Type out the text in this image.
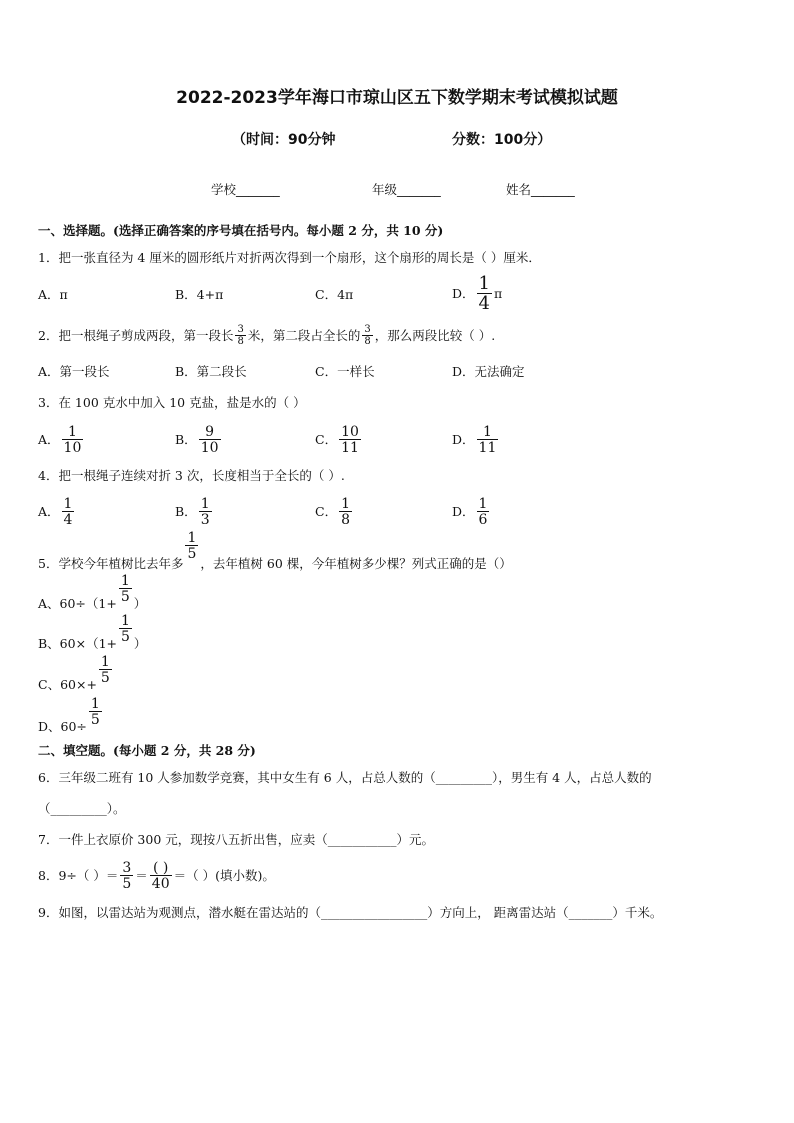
2022-2023学年海口市琼山区五下数学期末考试模拟试题
（时间：90分钟	分数：100分）
学校_______	年级_______	姓名_______
一、选择题。(选择正确答案的序号填在括号内。每小题 2 分，共 10 分)
1．把一张直径为 4 厘米的圆形纸片对折两次得到一个扇形，这个扇形的周长是（ ）厘米．
A．π	B．4+π	C．4π	D． $\frac{1}{4}$ π
2．把一根绳子剪成两段，第一段长 $\frac{3}{8}$ 米，第二段占全长的 $\frac{3}{8}$ ，那么两段比较（ ）.
A．第一段长	B．第二段长	C．一样长	D．无法确定
3．在 100 克水中加入 10 克盐，盐是水的（ ）
A． $\frac{1}{10}$	B． $\frac{9}{10}$	C． $\frac{10}{11}$	D． $\frac{1}{11}$
4．把一根绳子连续对折 3 次，长度相当于全长的（ ）.
A． $\frac{1}{4}$	B． $\frac{1}{3}$	C． $\frac{1}{8}$	D． $\frac{1}{6}$
5．学校今年植树比去年多
$\frac{1}{5}$
，去年植树 60 棵，今年植树多少棵？列式正确的是（）
A、$60\div(1+ \frac{1}{5}$ ）
B、$60\times(1+ \frac{1}{5}$ ）
C、$60\times+ \frac{1}{5}$
D、$60\div \frac{1}{5}$
二、填空题。(每小题 2 分，共 28 分)
6．三年级二班有 10 人参加数学竞赛，其中女生有 6 人，占总人数的（_________），男生有 4 人，占总人数的
（_________）。
7．一件上衣原价 300 元，现按八五折出售，应卖（___________）元。
8．9÷（ ）＝ $\frac{3}{5} = \frac{( )}{40}$ ＝（ ）(填小数)。
9．如图，以雷达站为观测点，潜水艇在雷达站的（_________________）方向上， 距离雷达站（_______）千米。
